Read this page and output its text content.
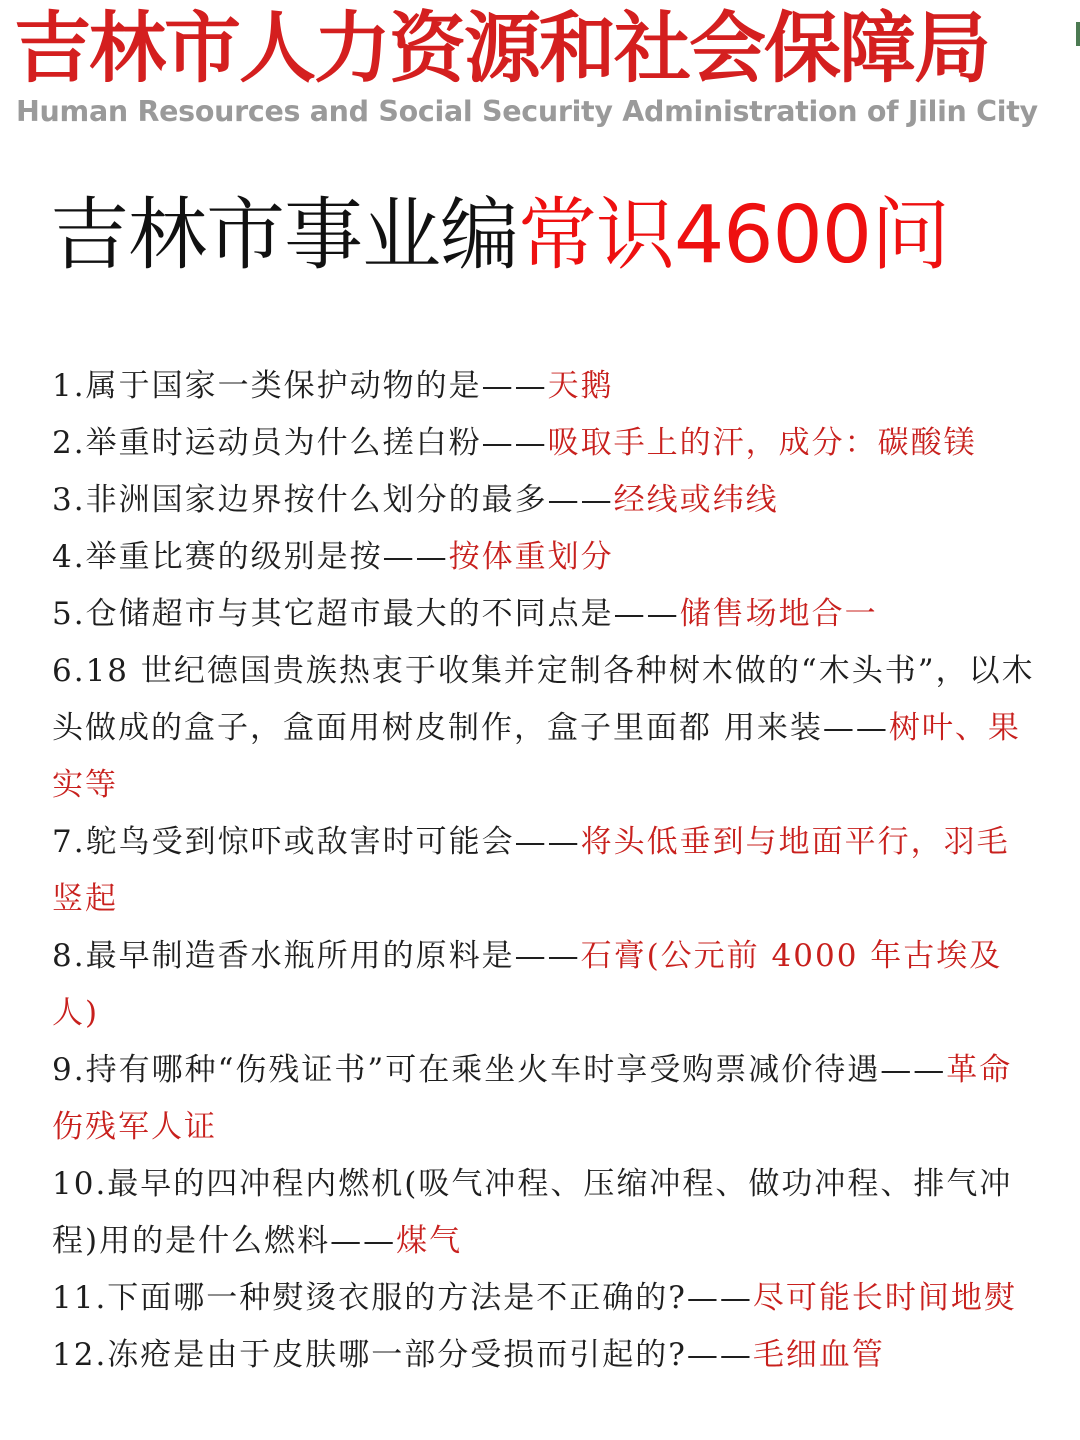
吉林市人力资源和社会保障局
Human Resources and Social Security Administration of Jilin City
吉林市事业编常识4600问
1.属于国家一类保护动物的是——天鹅
2.举重时运动员为什么搓白粉——吸取手上的汗，成分：碳酸镁
3.非洲国家边界按什么划分的最多——经线或纬线
4.举重比赛的级别是按——按体重划分
5.仓储超市与其它超市最大的不同点是——储售场地合一
6.18 世纪德国贵族热衷于收集并定制各种树木做的“木头书”，以木头做成的盒子，盒面用树皮制作，盒子里面都 用来装——树叶、果实等
7.鸵鸟受到惊吓或敌害时可能会——将头低垂到与地面平行，羽毛竖起
8.最早制造香水瓶所用的原料是——石膏(公元前 4000 年古埃及人)
9.持有哪种“伤残证书”可在乘坐火车时享受购票减价待遇——革命伤残军人证
10.最早的四冲程内燃机(吸气冲程、压缩冲程、做功冲程、排气冲程)用的是什么燃料——煤气
11.下面哪一种熨烫衣服的方法是不正确的?——尽可能长时间地熨
12.冻疮是由于皮肤哪一部分受损而引起的?——毛细血管
